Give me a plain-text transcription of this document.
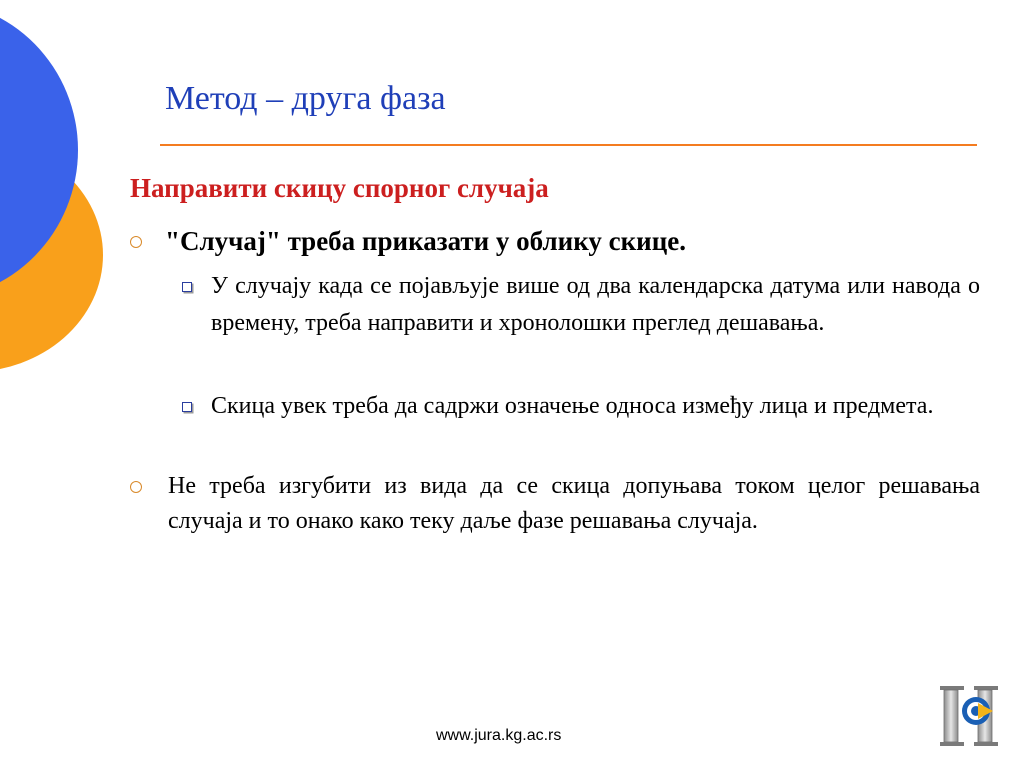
Метод – друга фаза
Направити скицу спорног случаја
"Случај" треба приказати у облику скице.
У случају када се појављује више од два календарска датума или навода о времену, треба направити и хронолошки преглед дешавања.
Скица увек треба да садржи означење односа између лица и предмета.
Не треба изгубити из вида да се скица допуњава током целог решавања случаја и то онако како теку даље фазе решавања случаја.
www.jura.kg.ac.rs
